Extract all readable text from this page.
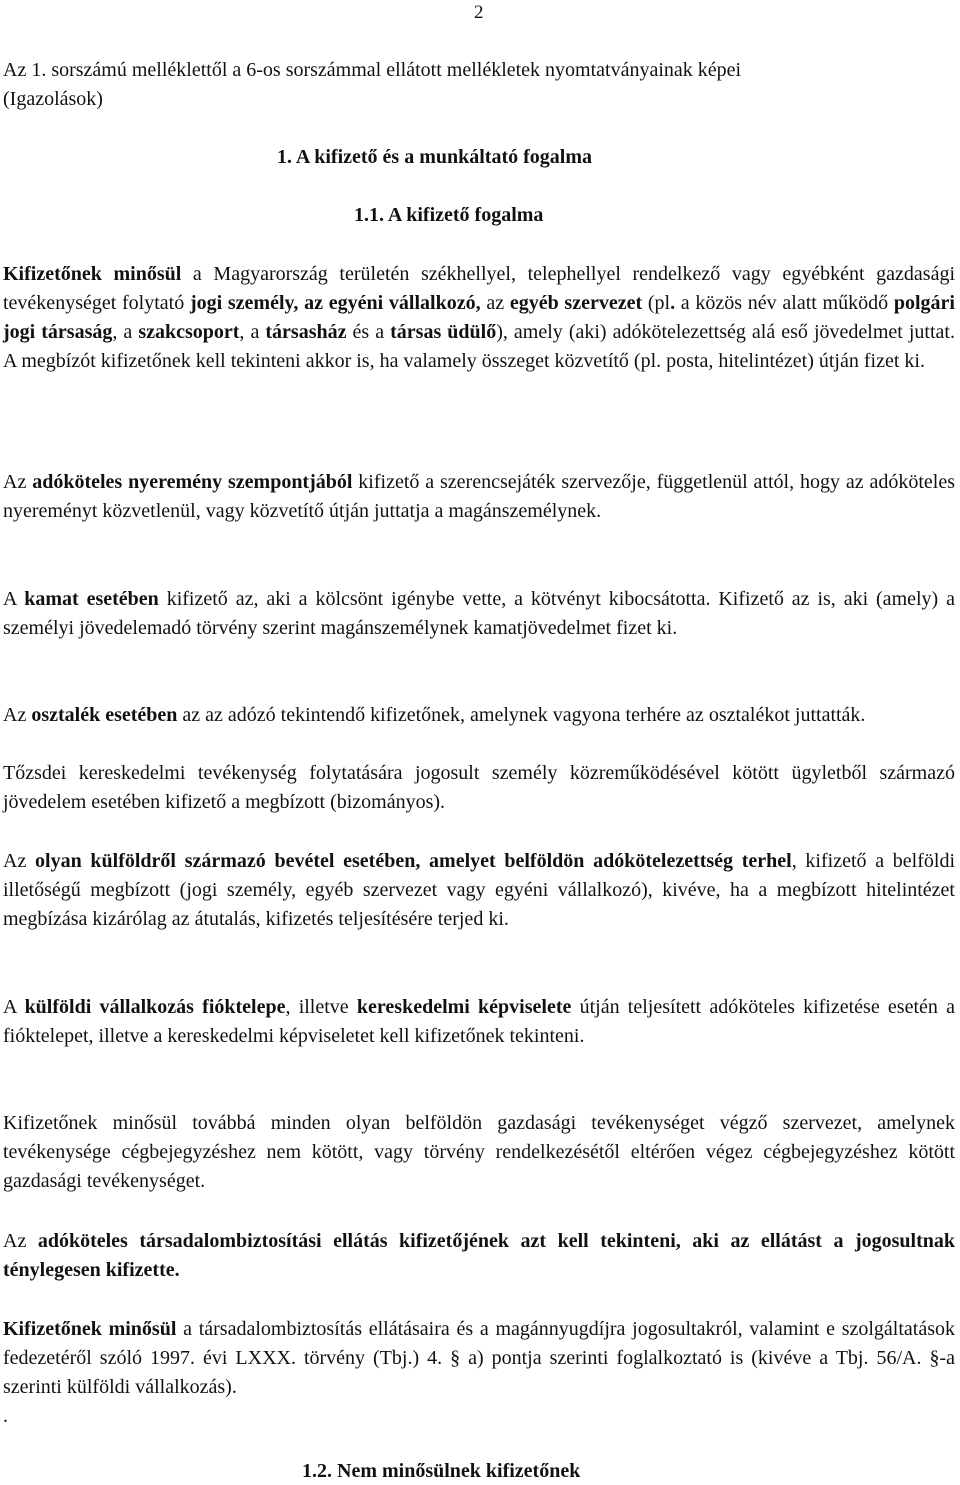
2

Az 1. sorszámú melléklettől a 6-os sorszámmal ellátott mellékletek nyomtatványainak képei
(Igazolások)

1. A kifizető és a munkáltató fogalma

1.1. A kifizető fogalma

Kifizetőnek minősül a Magyarország területén székhellyel, telephellyel rendelkező vagy egyébként gazdasági tevékenységet folytató jogi személy, az egyéni vállalkozó, az egyéb szervezet (pl. a közös név alatt működő polgári jogi társaság, a szakcsoport, a társasház és a társas üdülő), amely (aki) adókötelezettség alá eső jövedelmet juttat. A megbízót kifizetőnek kell tekinteni akkor is, ha valamely összeget közvetítő (pl. posta, hitelintézet) útján fizet ki.

Az adóköteles nyeremény szempontjából kifizető a szerencsejáték szervezője, függetlenül attól, hogy az adóköteles nyereményt közvetlenül, vagy közvetítő útján juttatja a magánszemélynek.

A kamat esetében kifizető az, aki a kölcsönt igénybe vette, a kötvényt kibocsátotta. Kifizető az is, aki (amely) a személyi jövedelemadó törvény szerint magánszemélynek kamatjövedelmet fizet ki.

Az osztalék esetében az az adózó tekintendő kifizetőnek, amelynek vagyona terhére az osztalékot juttatták.

Tőzsdei kereskedelmi tevékenység folytatására jogosult személy közreműködésével kötött ügyletből származó jövedelem esetében kifizető a megbízott (bizományos).

Az olyan külföldről származó bevétel esetében, amelyet belföldön adókötelezettség terhel, kifizető a belföldi illetőségű megbízott (jogi személy, egyéb szervezet vagy egyéni vállalkozó), kivéve, ha a megbízott hitelintézet megbízása kizárólag az átutalás, kifizetés teljesítésére terjed ki.

A külföldi vállalkozás fióktelepe, illetve kereskedelmi képviselete útján teljesített adóköteles kifizetése esetén a fióktelepet, illetve a kereskedelmi képviseletet kell kifizetőnek tekinteni.

Kifizetőnek minősül továbbá minden olyan belföldön gazdasági tevékenységet végző szervezet, amelynek tevékenysége cégbejegyzéshez nem kötött, vagy törvény rendelkezésétől eltérően végez cégbejegyzéshez kötött gazdasági tevékenységet.

Az adóköteles társadalombiztosítási ellátás kifizetőjének azt kell tekinteni, aki az ellátást a jogosultnak ténylegesen kifizette.

Kifizetőnek minősül a társadalombiztosítás ellátásaira és a magánnyugdíjra jogosultakról, valamint e szolgáltatások fedezetéről szóló 1997. évi LXXX. törvény (Tbj.) 4. § a) pontja szerinti foglalkoztató is (kivéve a Tbj. 56/A. §-a szerinti külföldi vállalkozás).

.

1.2. Nem minősülnek kifizetőnek
